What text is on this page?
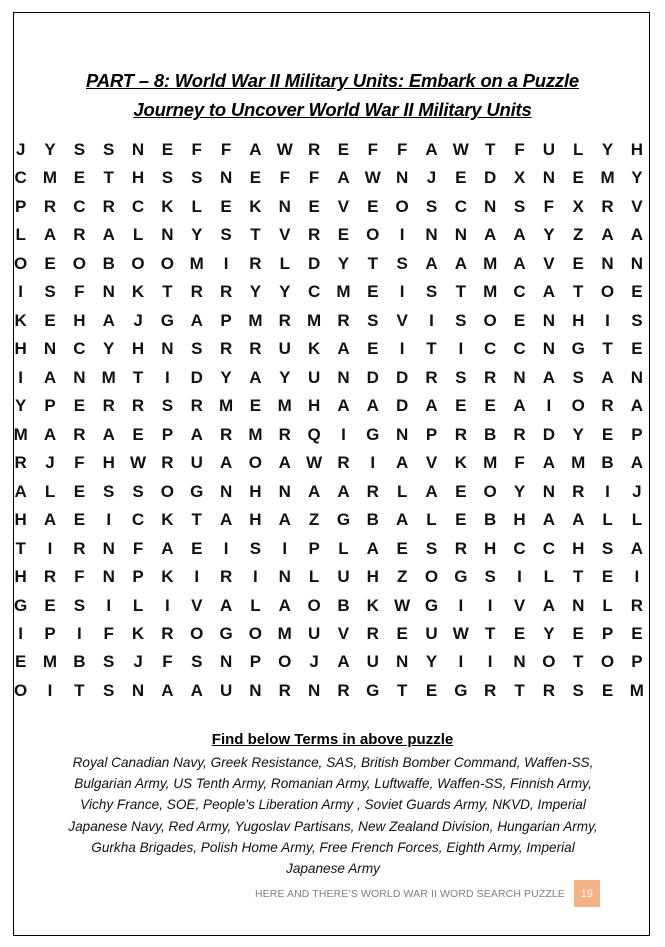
PART – 8: World War II Military Units: Embark on a Puzzle
Journey to Uncover World War II Military Units
J	Y	S	S	N	E	F	F	A W R	E	F	F	A W T	F	U	L	Y	H
C M E	T	H	S	S	N	E	F	F	A W N	J	E	D	X	N	E M Y
P	R	C	R	C	K	L	E	K	N	E	V	E	O	S	C	N	S	F	X	R	V
L	A	R	A	L	N	Y	S	T	V	R	E	O	I	N	N	A	A	Y	Z	A	A
O	E	O B O O M	I	R	L	D	Y	T	S	A	A M A	V	E	N	N
I	S	F	N	K	T	R	R	Y	Y	C M E	I	S	T	M C	A	T	O	E
K	E	H	A	J	G A	P M R M R	S	V	I	S	O	E	N	H	I	S
H	N	C	Y	H	N	S	R	R	U	K	A	E	I	T	I	C	C	N G	T	E
I	A	N M	T	I	D	Y	A	Y	U	N	D	D	R	S	R	N	A	S	A	N
Y	P	E	R	R	S	R M E M H	A	A	D	A	E	E	A	I	O R	A
M A	R	A	E	P	A	R M R Q	I	G N	P	R	B	R	D	Y	E	P
R	J	F	H W R	U	A O A W R	I	A	V	K M	F	A M B	A
A	L	E	S	S	O G N	H	N	A	A	R	L	A	E	O	Y	N	R	I	J
H	A	E	I	C	K	T	A	H	A	Z	G B	A	L	E	B	H	A	A	L	L
T	I	R	N	F	A	E	I	S	I	P	L	A	E	S	R	H	C	C	H	S	A
H	R	F	N	P	K	I	R	I	N	L	U	H	Z	O G	S	I	L	T	E	I
G	E	S	I	L	I	V	A	L	A O B	K W G	I	I	V	A	N	L	R
I	P	I	F	K	R O G O M U	V	R	E	U W T	E	Y	E	P	E
E M B	S	J	F	S	N	P	O	J	A	U	N	Y	I	I	N O	T	O	P
O	I	T	S	N	A	A	U	N	R	N	R G	T	E	G R	T	R	S	E M
Find below Terms in above puzzle
Royal Canadian Navy, Greek Resistance, SAS, British Bomber Command, Waffen-SS, Bulgarian Army, US Tenth Army, Romanian Army, Luftwaffe, Waffen-SS, Finnish Army, Vichy France, SOE, People's Liberation Army , Soviet Guards Army, NKVD, Imperial Japanese Navy, Red Army, Yugoslav Partisans, New Zealand Division, Hungarian Army, Gurkha Brigades, Polish Home Army, Free French Forces, Eighth Army, Imperial Japanese Army
HERE AND THERE’S WORLD WAR II WORD SEARCH PUZZLE	19
